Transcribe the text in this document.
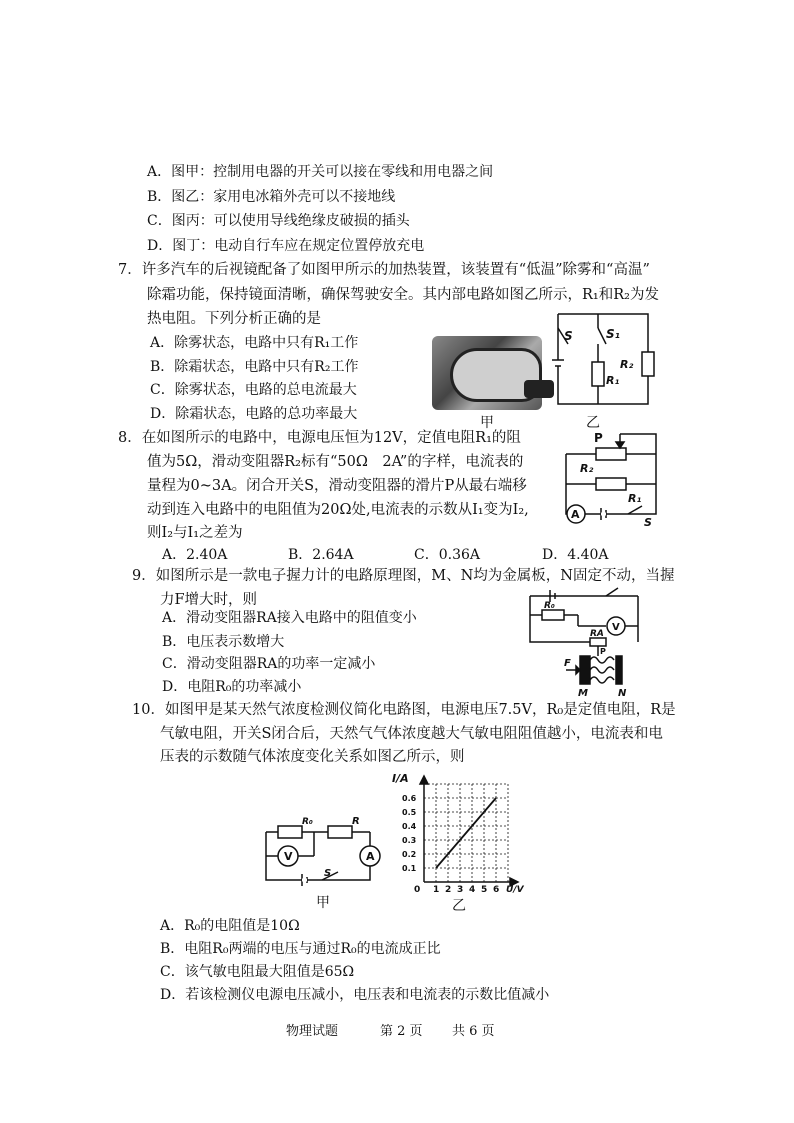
A．图甲：控制用电器的开关可以接在零线和用电器之间
B．图乙：家用电冰箱外壳可以不接地线
C．图丙：可以使用导线绝缘皮破损的插头
D．图丁：电动自行车应在规定位置停放充电
7．许多汽车的后视镜配备了如图甲所示的加热装置，该装置有“低温”除雾和“高温”
除霜功能，保持镜面清晰，确保驾驶安全。其内部电路如图乙所示，R₁和R₂为发
热电阻。下列分析正确的是
A．除雾状态，电路中只有R₁工作
B．除霜状态，电路中只有R₂工作
C．除雾状态，电路的总电流最大
D．除霜状态，电路的总功率最大
甲
S	S₁
R₁
R₂
乙
8．在如图所示的电路中，电源电压恒为12V，定值电阻R₁的阻
值为5Ω，滑动变阻器R₂标有“50Ω　2A”的字样，电流表的
量程为0~3A。闭合开关S，滑动变阻器的滑片P从最右端移
动到连入电路中的电阻值为20Ω处,电流表的示数从I₁变为I₂,
则I₂与I₁之差为
A．2.40A	B．2.64A	C．0.36A	D．4.40A
P
R₂
R₁
A
S
9．如图所示是一款电子握力计的电路原理图，M、N均为金属板，N固定不动，当握
力F增大时，则
A．滑动变阻器RA接入电路中的阻值变小
B．电压表示数增大
C．滑动变阻器RA的功率一定减小
D．电阻R₀的功率减小
R₀
RA
V
F
P
M	N
10．如图甲是某天然气浓度检测仪简化电路图，电源电压7.5V，R₀是定值电阻，R是
气敏电阻，开关S闭合后，天然气气体浓度越大气敏电阻阻值越小，电流表和电
压表的示数随气体浓度变化关系如图乙所示，则
R₀	R
V	A
S
甲
1 2 3 4 5 6
0.1
0.2
0.3
0.4
0.5
0.6
I/A
U/V
0
乙
A．R₀的电阻值是10Ω
B．电阻R₀两端的电压与通过R₀的电流成正比
C．该气敏电阻最大阻值是65Ω
D．若该检测仪电源电压减小，电压表和电流表的示数比值减小
物理试题	第 2 页 共 6 页
